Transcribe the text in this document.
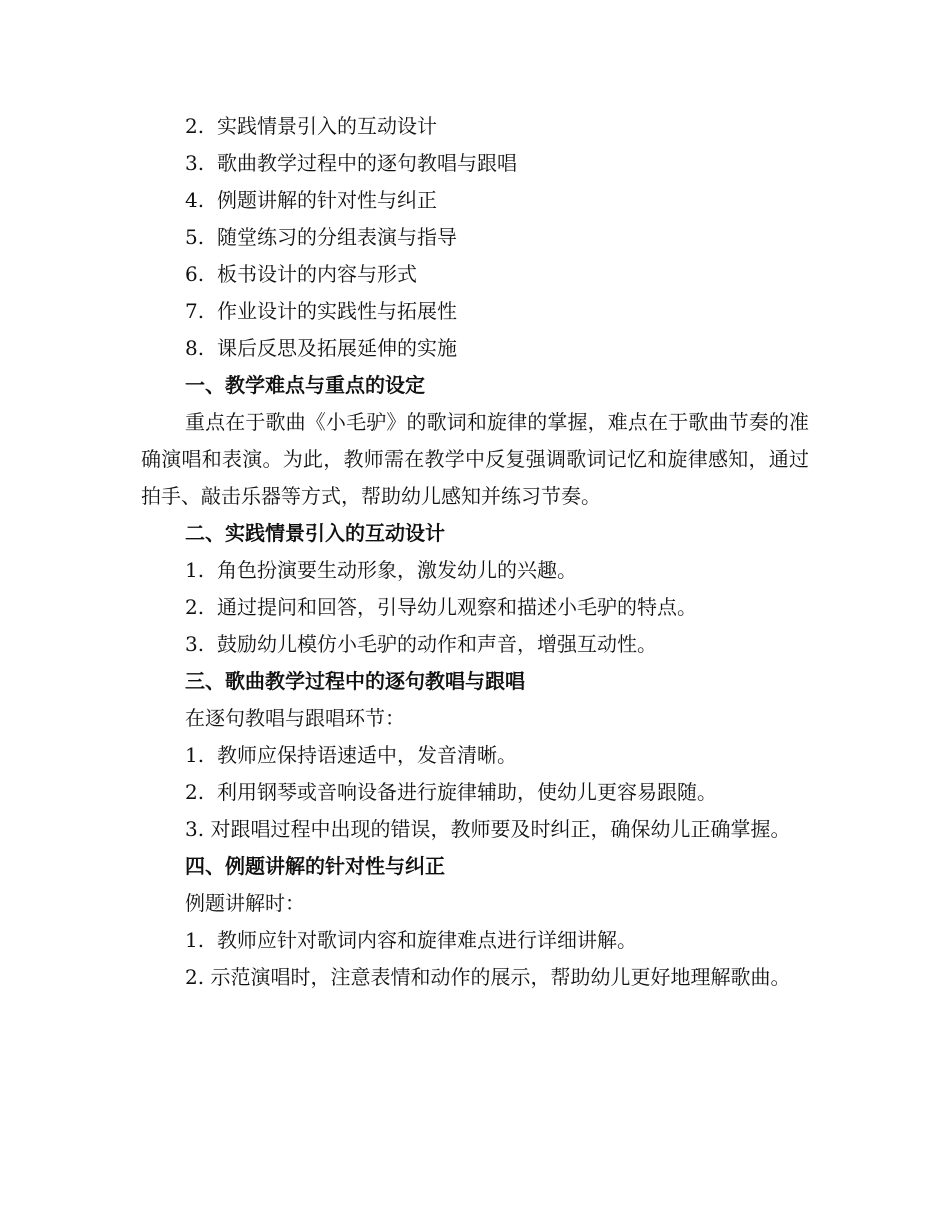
2. 实践情景引入的互动设计

3. 歌曲教学过程中的逐句教唱与跟唱

4. 例题讲解的针对性与纠正

5. 随堂练习的分组表演与指导

6. 板书设计的内容与形式

7. 作业设计的实践性与拓展性

8. 课后反思及拓展延伸的实施

一、教学难点与重点的设定

重点在于歌曲《小毛驴》的歌词和旋律的掌握，难点在于歌曲节奏的准确演唱和表演。为此，教师需在教学中反复强调歌词记忆和旋律感知，通过拍手、敲击乐器等方式，帮助幼儿感知并练习节奏。

二、实践情景引入的互动设计

1. 角色扮演要生动形象，激发幼儿的兴趣。

2. 通过提问和回答，引导幼儿观察和描述小毛驴的特点。

3. 鼓励幼儿模仿小毛驴的动作和声音，增强互动性。

三、歌曲教学过程中的逐句教唱与跟唱

在逐句教唱与跟唱环节：

1. 教师应保持语速适中，发音清晰。

2. 利用钢琴或音响设备进行旋律辅助，使幼儿更容易跟随。

3. 对跟唱过程中出现的错误，教师要及时纠正，确保幼儿正确掌握。

四、例题讲解的针对性与纠正

例题讲解时：

1. 教师应针对歌词内容和旋律难点进行详细讲解。

2. 示范演唱时，注意表情和动作的展示，帮助幼儿更好地理解歌曲。
